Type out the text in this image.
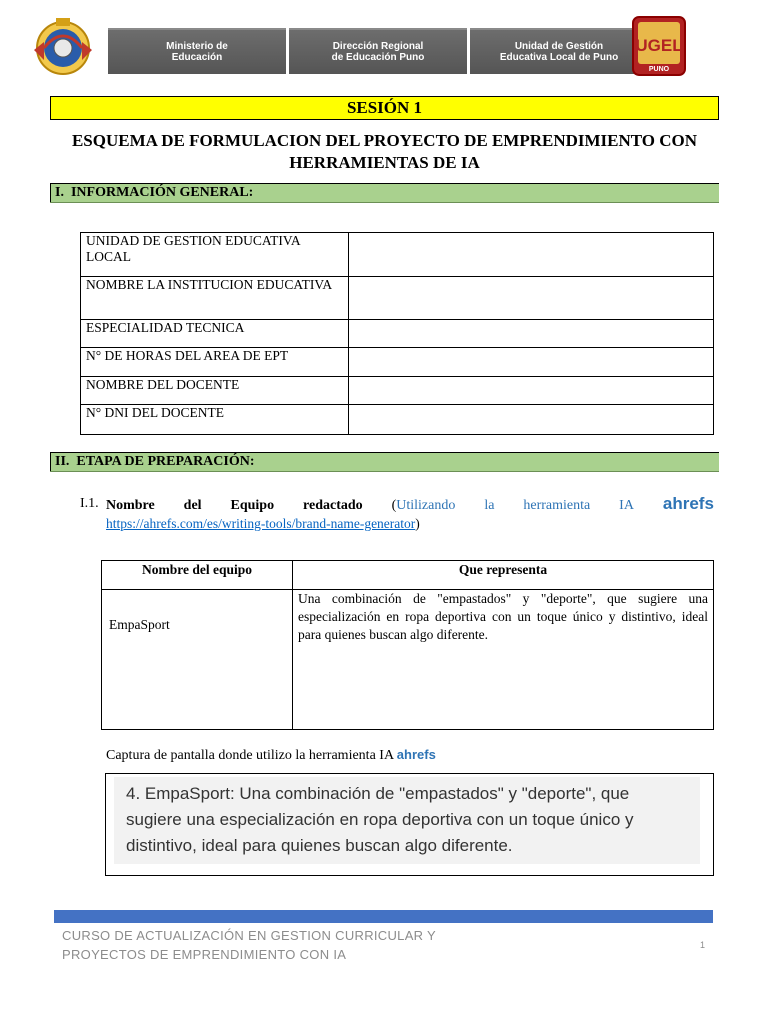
Ministerio de
Educación
Dirección Regional
de Educación Puno
Unidad de Gestión
Educativa Local de Puno
UGEL
PUNO
SESIÓN 1
ESQUEMA DE FORMULACION DEL PROYECTO DE EMPRENDIMIENTO CON HERRAMIENTAS DE IA
I. INFORMACIÓN GENERAL:
UNIDAD DE GESTION EDUCATIVA LOCAL	
NOMBRE LA INSTITUCION EDUCATIVA	
ESPECIALIDAD TECNICA	
N° DE HORAS DEL AREA DE EPT	
NOMBRE DEL DOCENTE	
N° DNI DEL DOCENTE	
II. ETAPA DE PREPARACIÓN:
I.1. Nombre del Equipo redactado (Utilizando la herramienta IA ahrefs
https://ahrefs.com/es/writing-tools/brand-name-generator)
Nombre del equipo	Que representa
EmpaSport	Una combinación de "empastados" y "deporte", que sugiere una especialización en ropa deportiva con un toque único y distintivo, ideal para quienes buscan algo diferente.
Captura de pantalla donde utilizo la herramienta IA ahrefs
4. EmpaSport: Una combinación de "empastados" y "deporte", que sugiere una especialización en ropa deportiva con un toque único y distintivo, ideal para quienes buscan algo diferente.
CURSO DE ACTUALIZACIÓN EN GESTION CURRICULAR Y
PROYECTOS DE EMPRENDIMIENTO CON IA
1
